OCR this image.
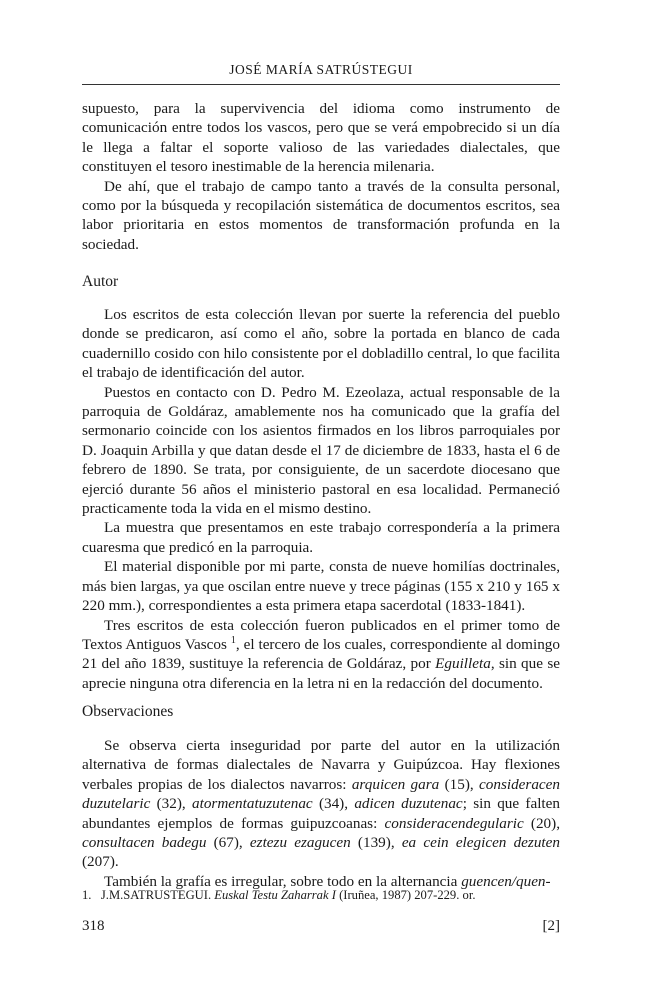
JOSÉ MARÍA SATRÚSTEGUI

supuesto, para la supervivencia del idioma como instrumento de comunicación entre todos los vascos, pero que se verá empobrecido si un día le llega a faltar el soporte valioso de las variedades dialectales, que constituyen el tesoro inestimable de la herencia milenaria.

De ahí, que el trabajo de campo tanto a través de la consulta personal, como por la búsqueda y recopilación sistemática de documentos escritos, sea labor prioritaria en estos momentos de transformación profunda en la sociedad.

Autor

Los escritos de esta colección llevan por suerte la referencia del pueblo donde se predicaron, así como el año, sobre la portada en blanco de cada cuadernillo cosido con hilo consistente por el dobladillo central, lo que facilita el trabajo de identificación del autor.

Puestos en contacto con D. Pedro M. Ezeolaza, actual responsable de la parroquia de Goldáraz, amablemente nos ha comunicado que la grafía del sermonario coincide con los asientos firmados en los libros parroquiales por D. Joaquin Arbilla y que datan desde el 17 de diciembre de 1833, hasta el 6 de febrero de 1890. Se trata, por consiguiente, de un sacerdote diocesano que ejerció durante 56 años el ministerio pastoral en esa localidad. Permaneció practicamente toda la vida en el mismo destino.

La muestra que presentamos en este trabajo correspondería a la primera cuaresma que predicó en la parroquia.

El material disponible por mi parte, consta de nueve homilías doctrinales, más bien largas, ya que oscilan entre nueve y trece páginas (155 x 210 y 165 x 220 mm.), correspondientes a esta primera etapa sacerdotal (1833-1841).

Tres escritos de esta colección fueron publicados en el primer tomo de Textos Antiguos Vascos $^1$, el tercero de los cuales, correspondiente al domingo 21 del año 1839, sustituye la referencia de Goldáraz, por Eguilleta, sin que se aprecie ninguna otra diferencia en la letra ni en la redacción del documento.

Observaciones

Se observa cierta inseguridad por parte del autor en la utilización alternativa de formas dialectales de Navarra y Guipúzcoa. Hay flexiones verbales propias de los dialectos navarros: arquicen gara (15), consideracen duzutelaric (32), atormentatuzutenac (34), adicen duzutenac; sin que falten abundantes ejemplos de formas guipuzcoanas: consideracendegularic (20), consultacen badegu (67), eztezu ezagucen (139), ea cein elegicen dezuten (207).

También la grafía es irregular, sobre todo en la alternancia guencen/quen-

1. J.M.SATRUSTEGUI. Euskal Testu Zaharrak I (Iruñea, 1987) 207-229. or.
318	[2]
